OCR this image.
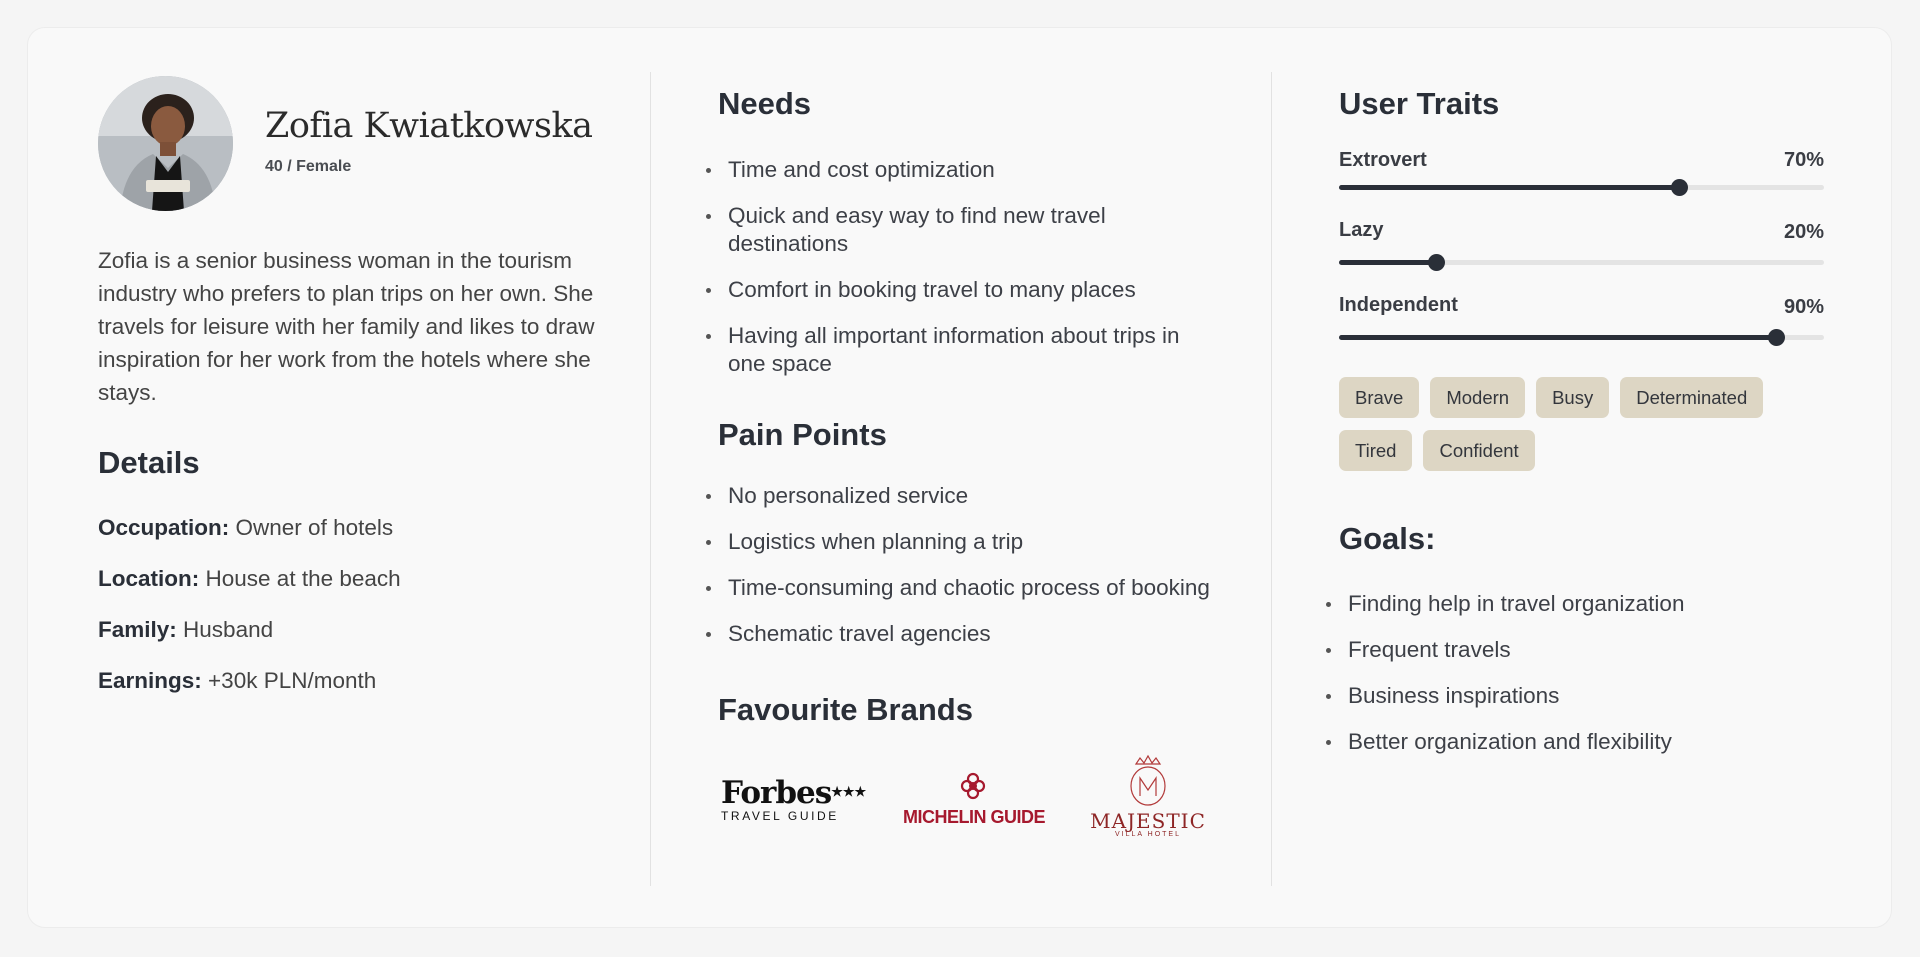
Zofia Kwiatkowska
40 / Female

Zofia is a senior business woman in the tourism industry who prefers to plan trips on her own. She travels for leisure with her family and likes to draw inspiration for her work from the hotels where she stays.

Details
Occupation: Owner of hotels
Location: House at the beach
Family: Husband
Earnings: +30k PLN/month
Needs
Time and cost optimization
Quick and easy way to find new travel destinations
Comfort in booking travel to many places
Having all important information about trips in one space
Pain Points
No personalized service
Logistics when planning a trip
Time-consuming and chaotic process of booking
Schematic travel agencies
Favourite Brands
Forbes★★★
TRAVEL GUIDE	MICHELIN GUIDE MAJESTIC
VILLA HOTEL
User Traits
Extrovert	70%
Lazy	20%
Independent	90%
Brave	Modern	Busy	Determinated
Tired	Confident
Goals:
Finding help in travel organization
Frequent travels
Business inspirations
Better organization and flexibility
